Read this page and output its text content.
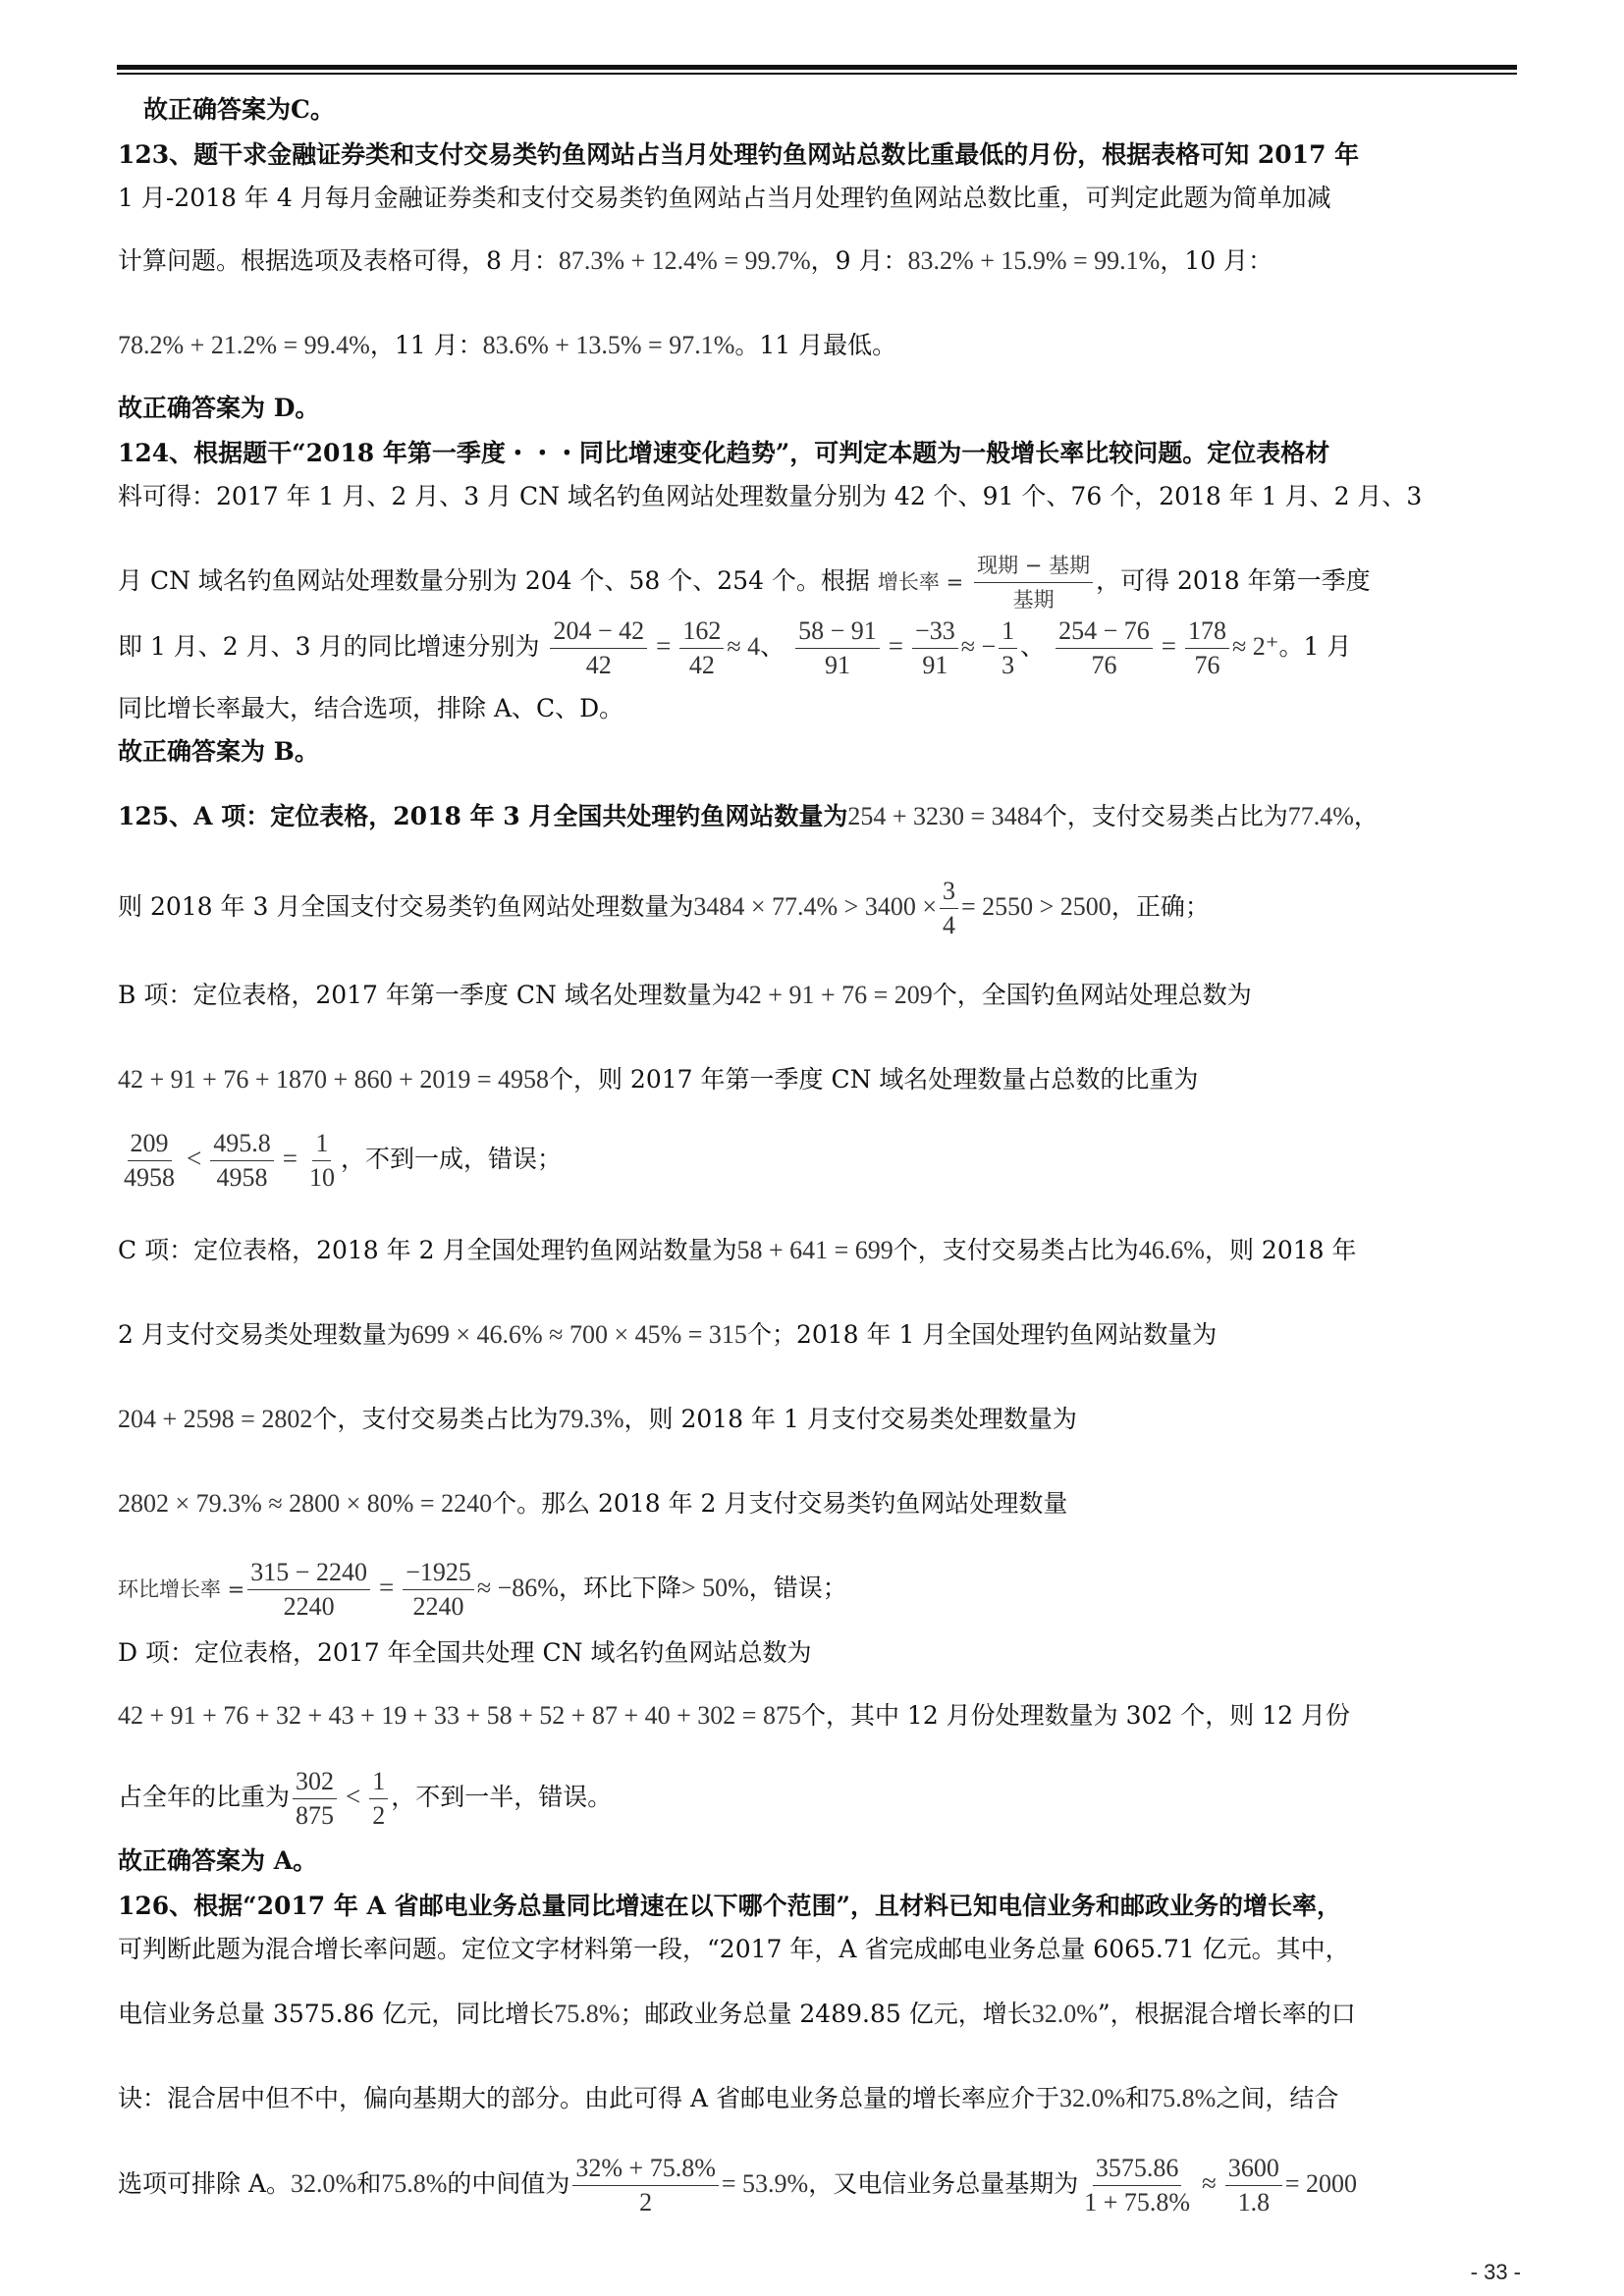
故正确答案为C。
123、题干求金融证券类和支付交易类钓鱼网站占当月处理钓鱼网站总数比重最低的月份，根据表格可知 2017 年
1 月-2018 年 4 月每月金融证券类和支付交易类钓鱼网站占当月处理钓鱼网站总数比重，可判定此题为简单加减
计算问题。根据选项及表格可得，8 月：87.3% + 12.4% = 99.7%，9 月：83.2% + 15.9% = 99.1%，10 月：
78.2% + 21.2% = 99.4%，11 月：83.6% + 13.5% = 97.1%。11 月最低。
故正确答案为 D。
124、根据题干“2018 年第一季度・・・同比增速变化趋势”，可判定本题为一般增长率比较问题。定位表格材
料可得：2017 年 1 月、2 月、3 月 CN 域名钓鱼网站处理数量分别为 42 个、91 个、76 个，2018 年 1 月、2 月、3
月 CN 域名钓鱼网站处理数量分别为 204 个、58 个、254 个。根据 增长率 =
现期 − 基期
基期
，可得 2018 年第一季度
即 1 月、2 月、3 月的同比增速分别为 $\frac{204 - 42}{42} = \frac{162}{42} \approx 4$、 $\frac{58 - 91}{91} = \frac{-33}{91}$ ≈ − $\frac{1}{3}$ 、 $\frac{254 - 76}{76} = \frac{178}{76} \approx 2^+$。1 月
同比增长率最大，结合选项，排除 A、C、D。
故正确答案为 B。
125、A 项：定位表格，2018 年 3 月全国共处理钓鱼网站数量为254 + 3230 = 3484个，支付交易类占比为77.4%，
则 2018 年 3 月全国支付交易类钓鱼网站处理数量为$3484 \times 77.4\% > 3400 \times \frac{3}{4} = 2550 > 2500$，正确；
B 项：定位表格，2017 年第一季度 CN 域名处理数量为42 + 91 + 76 = 209个，全国钓鱼网站处理总数为
42 + 91 + 76 + 1870 + 860 + 2019 = 4958个，则 2017 年第一季度 CN 域名处理数量占总数的比重为
$\frac{209}{4958} < \frac{495.8}{4958} = \frac{1}{10}$ ，不到一成，错误；
C 项：定位表格，2018 年 2 月全国处理钓鱼网站数量为58 + 641 = 699个，支付交易类占比为46.6%，则 2018 年
2 月支付交易类处理数量为699 × 46.6% ≈ 700 × 45% = 315个；2018 年 1 月全国处理钓鱼网站数量为
204 + 2598 = 2802个，支付交易类占比为79.3%，则 2018 年 1 月支付交易类处理数量为
2802 × 79.3% ≈ 2800 × 80% = 2240个。那么 2018 年 2 月支付交易类钓鱼网站处理数量
环比增长率 = $\frac{315 - 2240}{2240} = \frac{-1925}{2240} \approx -86\%$，环比下降> 50%，错误；
D 项：定位表格，2017 年全国共处理 CN 域名钓鱼网站总数为
42 + 91 + 76 + 32 + 43 + 19 + 33 + 58 + 52 + 87 + 40 + 302 = 875个，其中 12 月份处理数量为 302 个，则 12 月份
占全年的比重为 $\frac{302}{875} < \frac{1}{2}$ ，不到一半，错误。
故正确答案为 A。
126、根据“2017 年 A 省邮电业务总量同比增速在以下哪个范围”，且材料已知电信业务和邮政业务的增长率，
可判断此题为混合增长率问题。定位文字材料第一段，“2017 年，A 省完成邮电业务总量 6065.71 亿元。其中，
电信业务总量 3575.86 亿元，同比增长75.8%；邮政业务总量 2489.85 亿元，增长32.0%”，根据混合增长率的口
诀：混合居中但不中，偏向基期大的部分。由此可得 A 省邮电业务总量的增长率应介于32.0%和75.8%之间，结合
选项可排除 A。32.0%和75.8%的中间值为 $\frac{32\% + 75.8\%}{2} = 53.9\%$，又电信业务总量基期为 $\frac{3575.86}{1 + 75.8\%} \approx \frac{3600}{1.8} = 2000$
- 33 -
